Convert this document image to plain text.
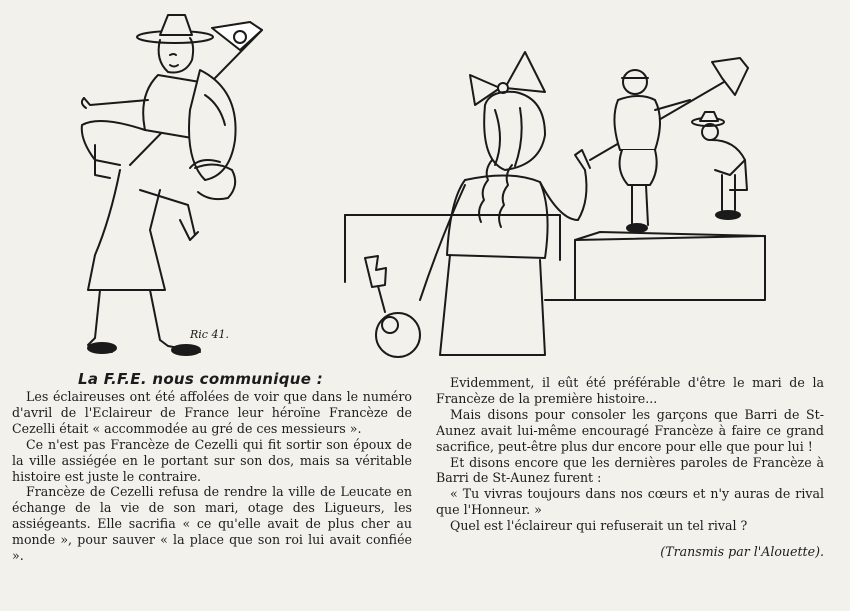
Ric 41.
La F.F.E. nous communique :

Les éclaireuses ont été affolées de voir que dans le numéro d'avril de l'Eclaireur de France leur héroïne Francèze de Cezelli était « accommodée au gré de ces messieurs ».

Ce n'est pas Francèze de Cezelli qui fit sortir son époux de la ville assiégée en le portant sur son dos, mais sa véritable histoire est juste le contraire.

Francèze de Cezelli refusa de rendre la ville de Leucate en échange de la vie de son mari, otage des Ligueurs, les assiégeants. Elle sacrifia « ce qu'elle avait de plus cher au monde », pour sauver « la place que son roi lui avait confiée ».

Evidemment, il eût été préférable d'être le mari de la Francèze de la première histoire...

Mais disons pour consoler les garçons que Barri de St-Aunez avait lui-même encouragé Francèze à faire ce grand sacrifice, peut-être plus dur encore pour elle que pour lui !

Et disons encore que les dernières paroles de Francèze à Barri de St-Aunez furent :

« Tu vivras toujours dans nos cœurs et n'y auras de rival que l'Honneur. »

Quel est l'éclaireur qui refuserait un tel rival ?

(Transmis par l'Alouette).
